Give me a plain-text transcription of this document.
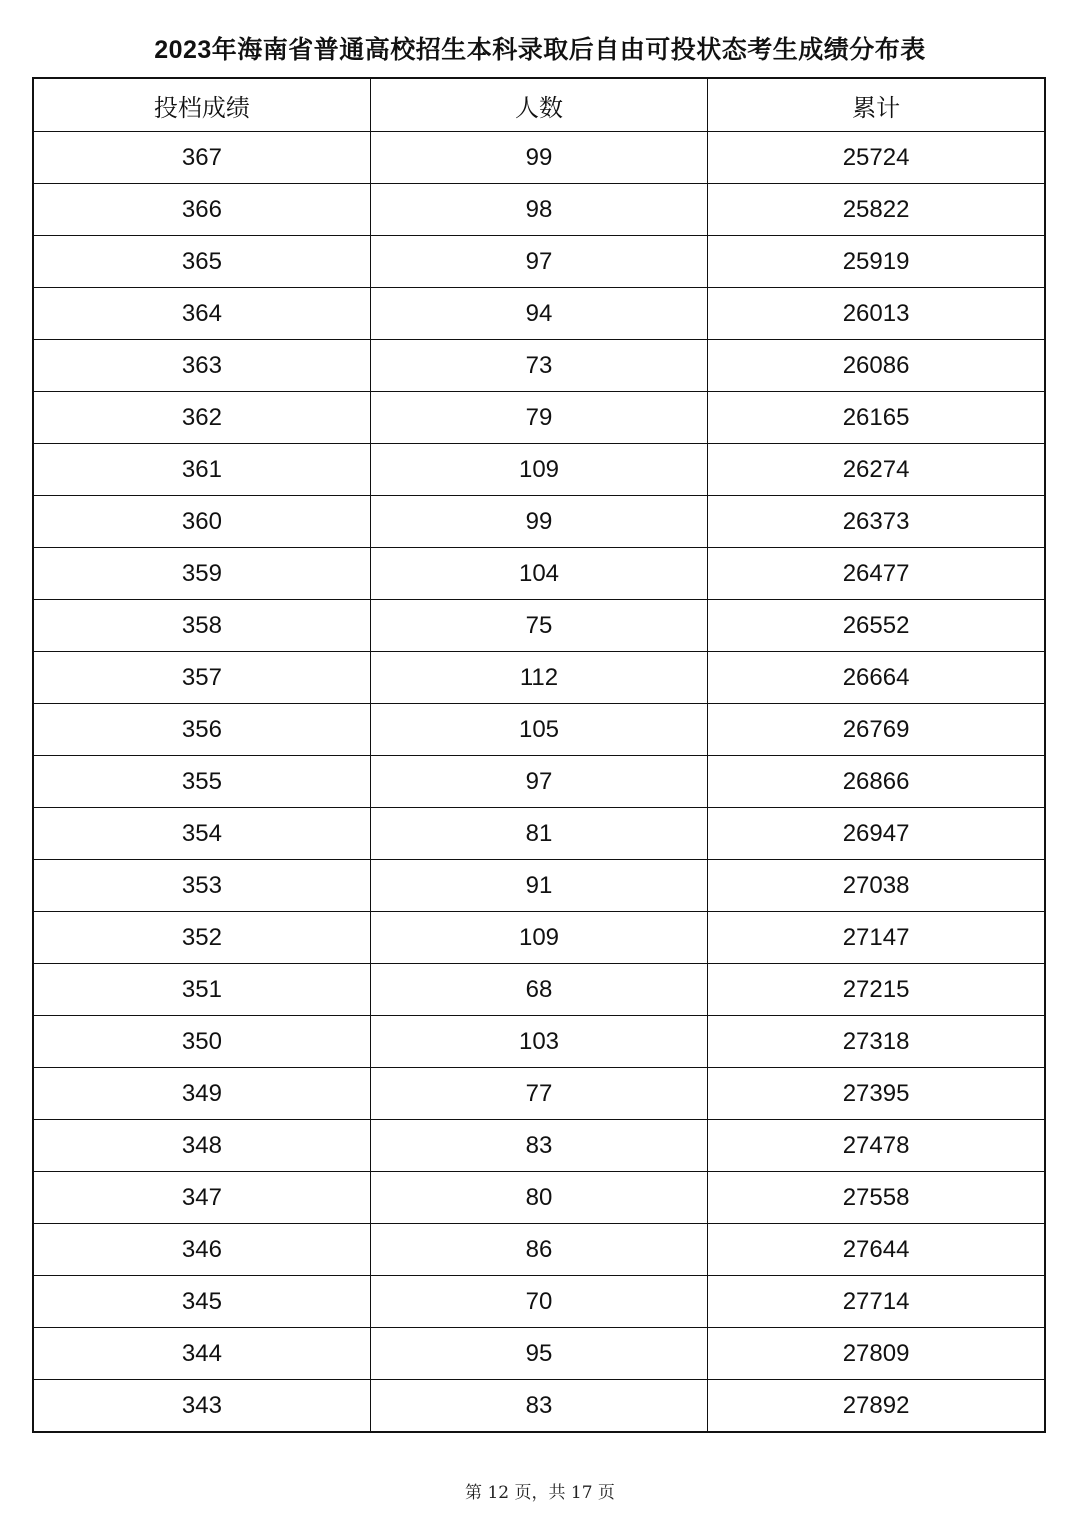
2023年海南省普通高校招生本科录取后自由可投状态考生成绩分布表
投档成绩	人数	累计
367	99	25724
366	98	25822
365	97	25919
364	94	26013
363	73	26086
362	79	26165
361	109	26274
360	99	26373
359	104	26477
358	75	26552
357	112	26664
356	105	26769
355	97	26866
354	81	26947
353	91	27038
352	109	27147
351	68	27215
350	103	27318
349	77	27395
348	83	27478
347	80	27558
346	86	27644
345	70	27714
344	95	27809
343	83	27892
第 12 页，共 17 页
